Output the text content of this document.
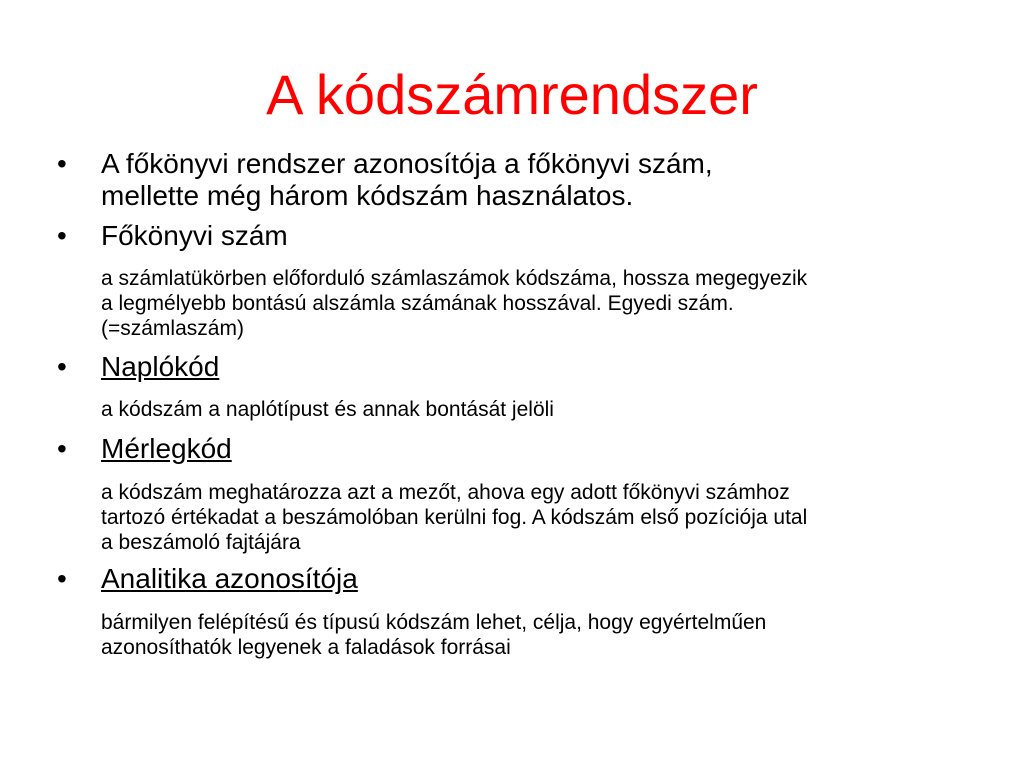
A kódszámrendszer
•	A főkönyvi rendszer azonosítója a főkönyvi szám,
mellette még három kódszám használatos.
•	Főkönyvi szám
a számlatükörben előforduló számlaszámok kódszáma, hossza megegyezik
a legmélyebb bontású alszámla számának hosszával. Egyedi szám.
(=számlaszám)
•	Naplókód
a kódszám a naplótípust és annak bontását jelöli
•	Mérlegkód
a kódszám meghatározza azt a mezőt, ahova egy adott főkönyvi számhoz
tartozó értékadat a beszámolóban kerülni fog. A kódszám első pozíciója utal
a beszámoló fajtájára
•	Analitika azonosítója
bármilyen felépítésű és típusú kódszám lehet, célja, hogy egyértelműen
azonosíthatók legyenek a faladások forrásai
